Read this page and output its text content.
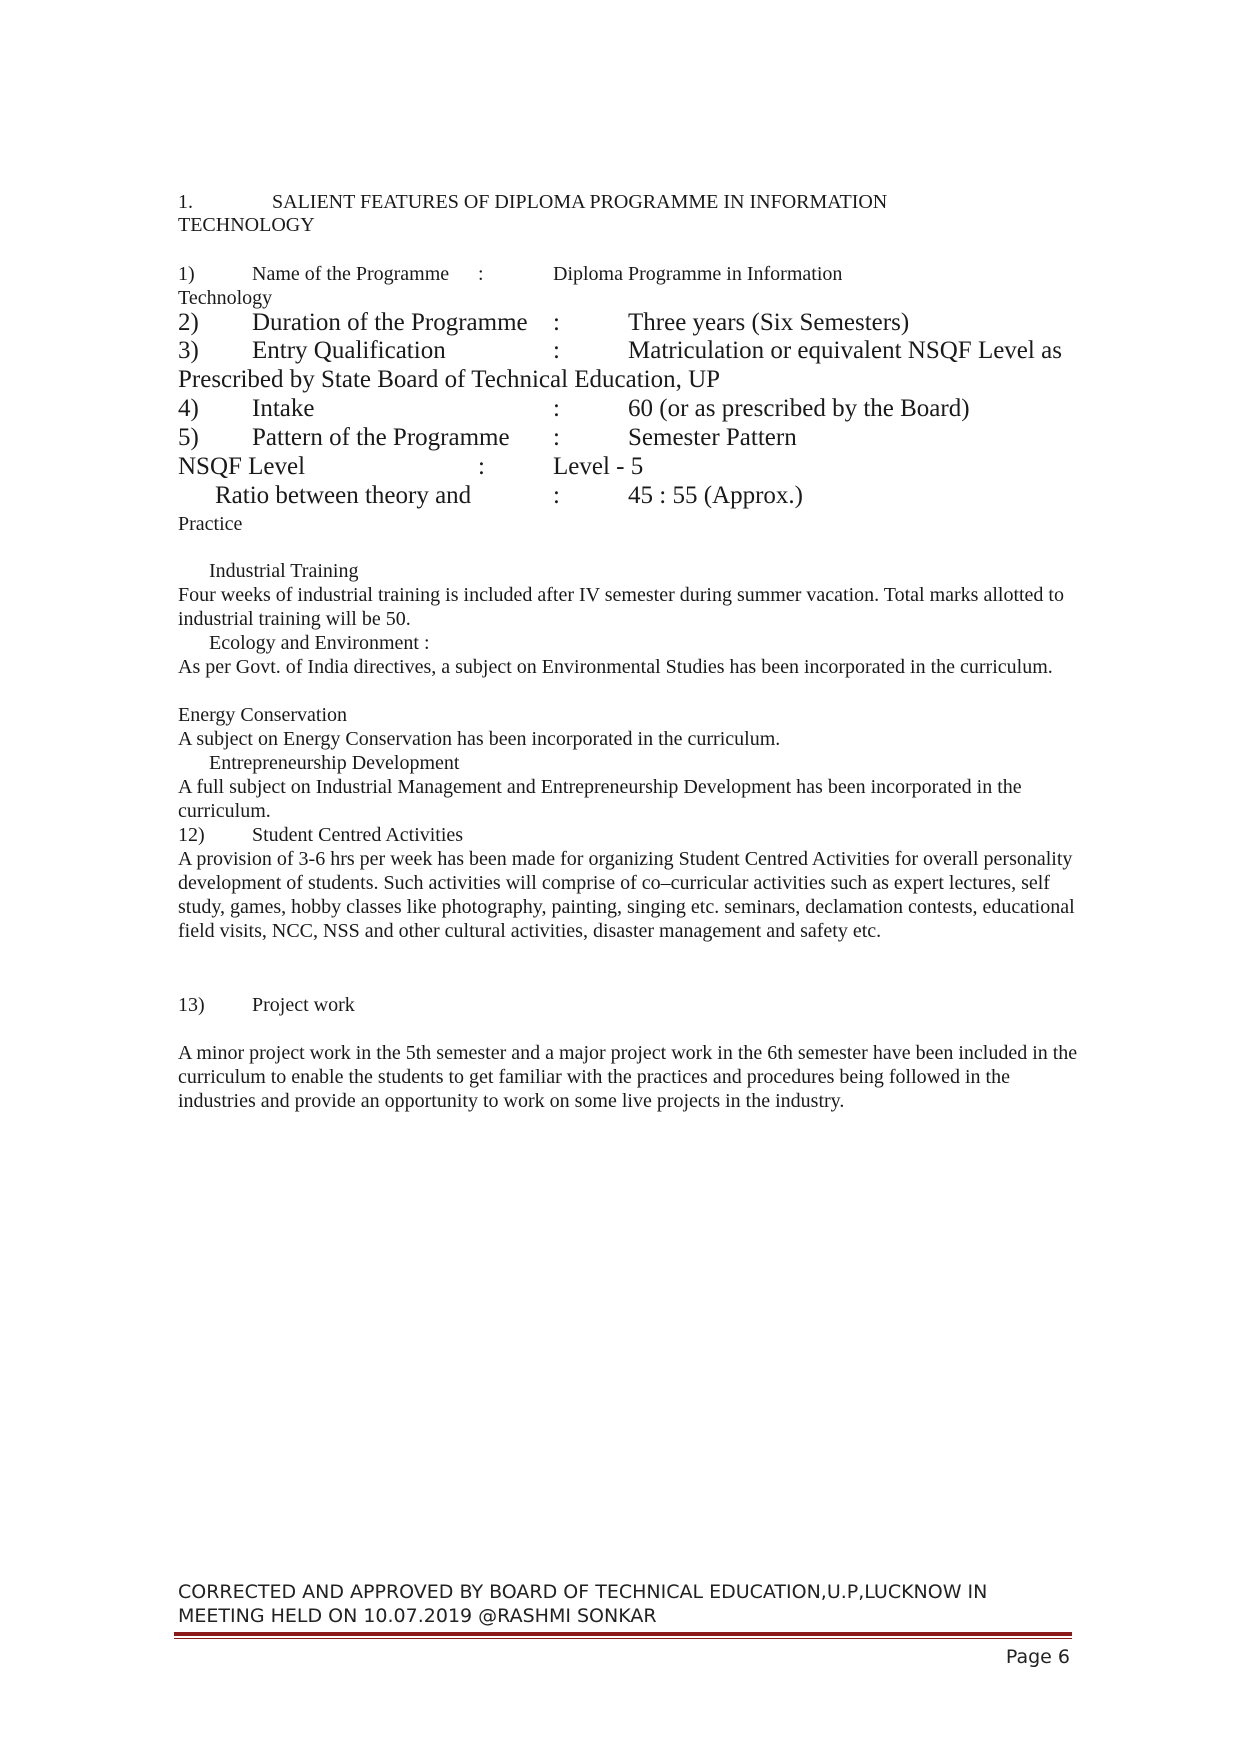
1.	SALIENT FEATURES OF DIPLOMA PROGRAMME IN INFORMATION
TECHNOLOGY
1)	Name of the Programme :	Diploma Programme in Information
Technology
2) Duration of the Programme :	Three years (Six Semesters)
3) Entry Qualification	:	Matriculation or equivalent NSQF Level as
Prescribed by State Board of Technical Education, UP
4) Intake	:	60 (or as prescribed by the Board)
5) Pattern of the Programme :	Semester Pattern
NSQF Level	:	Level - 5
Ratio between theory and	:	45 : 55 (Approx.)
Practice
Industrial Training
Four weeks of industrial training is included after IV semester during summer vacation. Total marks allotted to industrial training will be 50.
Ecology and Environment :
As per Govt. of India directives, a subject on Environmental Studies has been incorporated in the curriculum.
Energy Conservation
A subject on Energy Conservation has been incorporated in the curriculum.
Entrepreneurship Development
A full subject on Industrial Management and Entrepreneurship Development has been incorporated in the curriculum.
12) Student Centred Activities
A provision of 3-6 hrs per week has been made for organizing Student Centred Activities for overall personality development of students. Such activities will comprise of co–curricular activities such as expert lectures, self study, games, hobby classes like photography, painting, singing etc. seminars, declamation contests, educational field visits, NCC, NSS and other cultural activities, disaster management and safety etc.
13) Project work
A minor project work in the 5th semester and a major project work in the 6th semester have been included in the curriculum to enable the students to get familiar with the practices and procedures being followed in the industries and provide an opportunity to work on some live projects in the industry.
CORRECTED AND APPROVED BY BOARD OF TECHNICAL EDUCATION,U.P,LUCKNOW IN MEETING HELD ON 10.07.2019 @RASHMI SONKAR
Page 6
